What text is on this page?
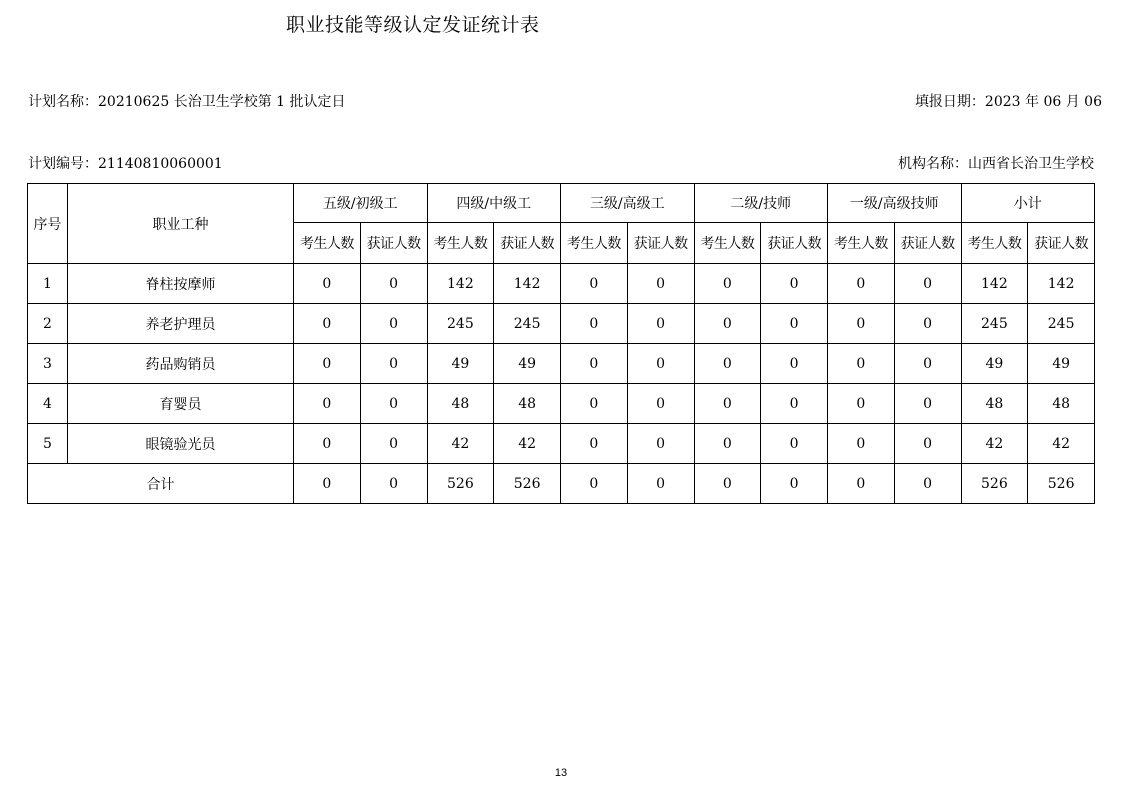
职业技能等级认定发证统计表
计划名称：20210625 长治卫生学校第 1 批认定日	填报日期：2023 年 06 月 06
计划编号：21140810060001	机构名称：山西省长治卫生学校
序号	职业工种	五级/初级工		四级/中级工		三级/高级工		二级/技师		一级/高级技师		小计	
		考生人数	获证人数	考生人数	获证人数	考生人数	获证人数	考生人数	获证人数	考生人数	获证人数	考生人数	获证人数
1	脊柱按摩师	0	0	142	142	0	0	0	0	0	0	142	142
2	养老护理员	0	0	245	245	0	0	0	0	0	0	245	245
3	药品购销员	0	0	49	49	0	0	0	0	0	0	49	49
4	育婴员	0	0	48	48	0	0	0	0	0	0	48	48
5	眼镜验光员	0	0	42	42	0	0	0	0	0	0	42	42
合计		0	0	526	526	0	0	0	0	0	0	526	526
13
